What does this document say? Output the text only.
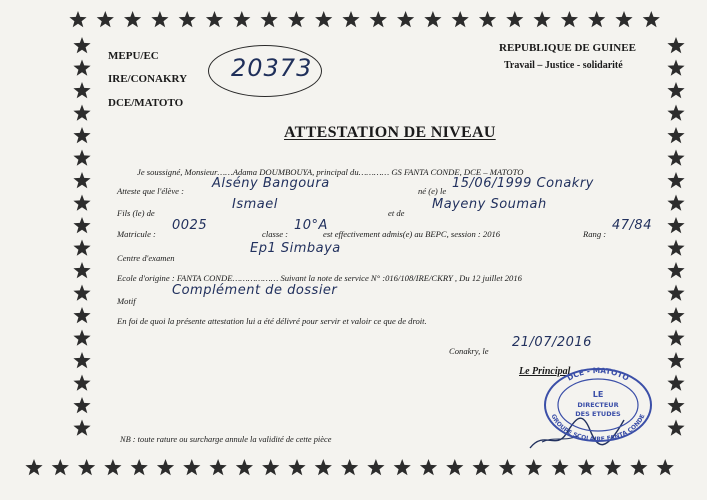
MEPU/EC
IRE/CONAKRY
DCE/MATOTO
20373
REPUBLIQUE DE GUINEE
Travail – Justice - solidarité
ATTESTATION DE NIVEAU
Je soussigné, Monsieur……Adama DOUMBOUYA, principal du………… GS FANTA CONDE, DCE – MATOTO
Atteste que l'élève : Alsény Bangoura	né (e) le 15/06/1999 Conakry
Fils (le) de
Ismael
et de
Mayeny Soumah
Matricule :
0025
classe :
10°A
est effectivement admis(e) au BEPC, session : 2016	Rang :
47/84
Centre d'examen
Ep1 Simbaya
Ecole d'origine : FANTA CONDE……………… Suivant la note de service N° :016/108/IRE/CKRY , Du 12 juillet 2016
Motif
Complément de dossier
En foi de quoi la présente attestation lui a été délivré pour servir et valoir ce que de droit.
Conakry, le
21/07/2016
Le Principal
DCE - MATOTO
GROUPE SCOLAIRE FANTA CONDE
LE
DIRECTEUR
DES ETUDES
NB : toute rature ou surcharge annule la validité de cette pièce
